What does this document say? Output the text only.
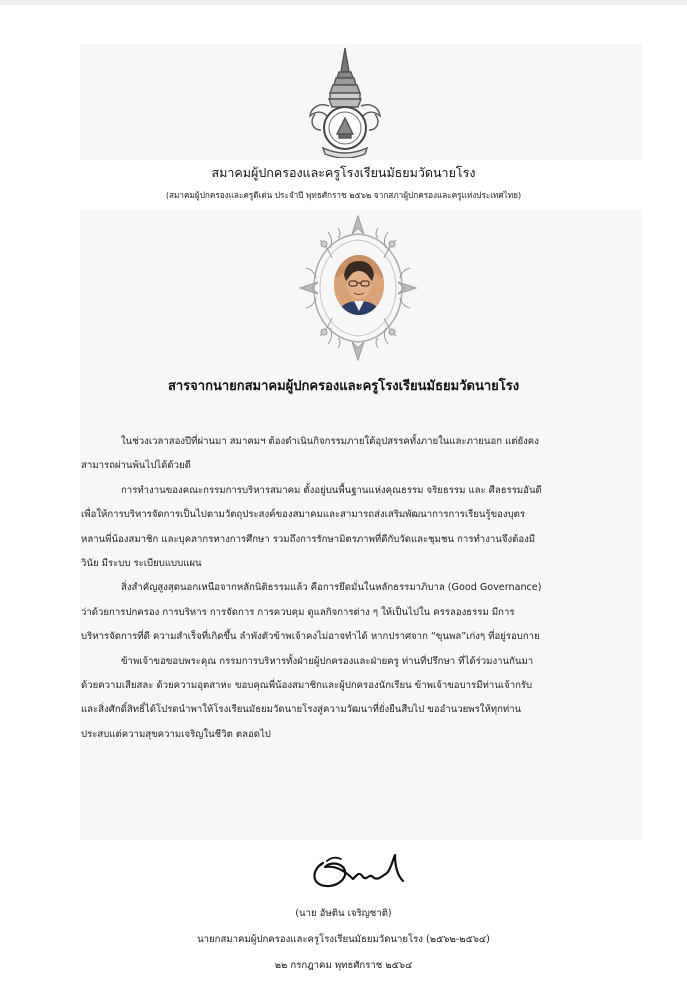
สมาคมผู้ปกครองและครูโรงเรียนมัธยมวัดนายโรง
(สมาคมผู้ปกครองและครูดีเด่น ประจำปี พุทธศักราช ๒๕๖๒ จากสภาผู้ปกครองและครูแห่งประเทศไทย)
สารจากนายกสมาคมผู้ปกครองและครูโรงเรียนมัธยมวัดนายโรง

ในช่วงเวลาสองปีที่ผ่านมา สมาคมฯ ต้องดำเนินกิจกรรมภายใต้อุปสรรคทั้งภายในและภายนอก แต่ยังคง
สามารถผ่านพ้นไปได้ด้วยดี

การทำงานของคณะกรรมการบริหารสมาคม ตั้งอยู่บนพื้นฐานแห่งคุณธรรม จริยธรรม และ ศีลธรรมอันดี
เพื่อให้การบริหารจัดการเป็นไปตามวัตถุประสงค์ของสมาคมและสามารถส่งเสริมพัฒนาการการเรียนรู้ของบุตร
หลานพี่น้องสมาชิก และบุคลากรทางการศึกษา รวมถึงการรักษามิตรภาพที่ดีกับวัดและชุมชน การทำงานจึงต้องมี
วินัย มีระบบ ระเบียบแบบแผน

สิ่งสำคัญสูงสุดนอกเหนือจากหลักนิติธรรมแล้ว คือการยึดมั่นในหลักธรรมาภิบาล (Good Governance)
ว่าด้วยการปกครอง การบริหาร การจัดการ การควบคุม ดูแลกิจการต่าง ๆ ให้เป็นไปใน ครรลองธรรม มีการ
บริหารจัดการที่ดี ความสำเร็จที่เกิดขึ้น ลำพังตัวข้าพเจ้าคงไม่อาจทำได้ หากปราศจาก “ขุนพล”เก่งๆ ที่อยู่รอบกาย

ข้าพเจ้าขอขอบพระคุณ กรรมการบริหารทั้งฝ่ายผู้ปกครองและฝ่ายครู ท่านที่ปรึกษา ที่ได้ร่วมงานกันมา
ด้วยความเสียสละ ด้วยความอุตสาหะ ขอบคุณพี่น้องสมาชิกและผู้ปกครองนักเรียน ข้าพเจ้าขอบารมีท่านเจ้ากรับ
และสิ่งศักดิ์สิทธิ์ได้โปรดนำพาให้โรงเรียนมัธยมวัดนายโรงสู่ความวัฒนาที่ยั่งยืนสืบไป ขออำนวยพรให้ทุกท่าน
ประสบแต่ความสุขความเจริญในชีวิต ตลอดไป

(นาย อัษติน เจริญชาติ)
นายกสมาคมผู้ปกครองและครูโรงเรียนมัธยมวัดนายโรง (๒๕๖๒-๒๕๖๔)
๒๒ กรกฎาคม พุทธศักราช ๒๕๖๔
